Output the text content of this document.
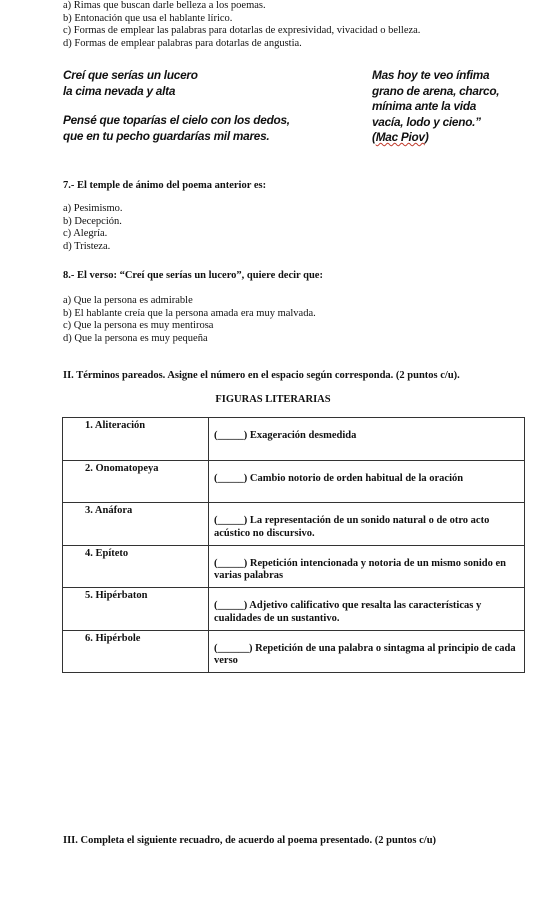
a) Rimas que buscan darle belleza a los poemas.
b) Entonación que usa el hablante lírico.
c) Formas de emplear las palabras para dotarlas de expresividad, vivacidad o belleza.
d) Formas de emplear palabras para dotarlas de angustia.
Creí que serías un lucero
la cima nevada y alta
Pensé que toparías el cielo con los dedos,
que en tu pecho guardarías mil mares.
Mas hoy te veo ínfima
grano de arena, charco,
mínima ante la vida
vacía, lodo y cieno.”
(Mac Piov)
7.- El temple de ánimo del poema anterior es:
a) Pesimismo.
b) Decepción.
c) Alegría.
d) Tristeza.
8.- El verso: “Creí que serías un lucero”, quiere decir que:
a) Que la persona es admirable
b) El hablante creía que la persona amada era muy malvada.
c) Que la persona es muy mentirosa
d) Que la persona es muy pequeña
II. Términos pareados. Asigne el número en el espacio según corresponda. (2 puntos c/u).
FIGURAS LITERARIAS
1. Aliteración	(_____) Exageración desmedida
2. Onomatopeya	(_____) Cambio notorio de orden habitual de la oración
3. Anáfora	(_____) La representación de un sonido natural o de otro acto acústico no discursivo.
4. Epíteto	(_____) Repetición intencionada y notoria de un mismo sonido en varias palabras
5. Hipérbaton	(_____) Adjetivo calificativo que resalta las características y cualidades de un sustantivo.
6. Hipérbole	(______) Repetición de una palabra o sintagma al principio de cada verso
III. Completa el siguiente recuadro, de acuerdo al poema presentado. (2 puntos c/u)
